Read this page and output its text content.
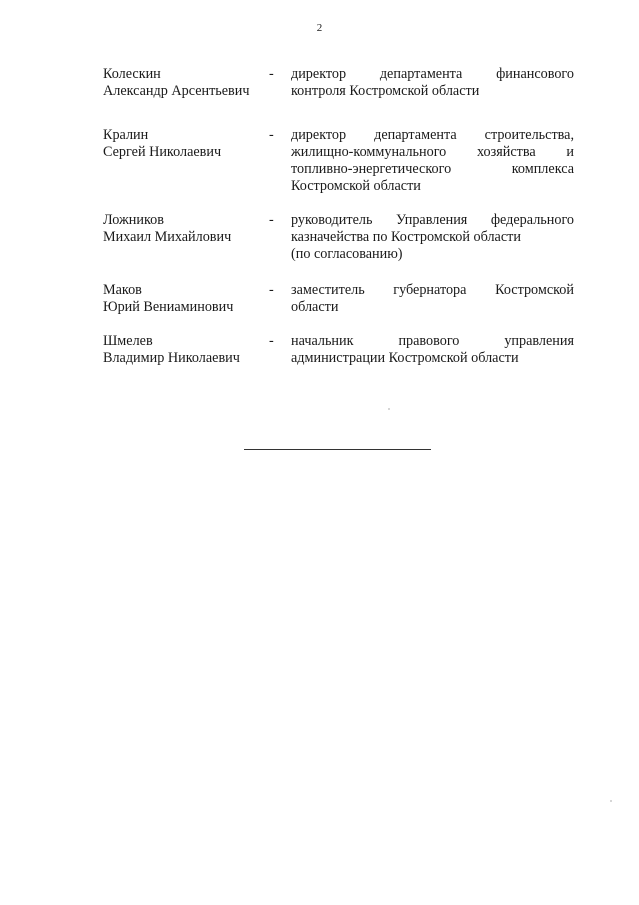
2
Колескин
Александр Арсентьевич
-	директор департамента финансового
контроля Костромской области
Кралин
Сергей Николаевич
-	директор департамента строительства,
жилищно-коммунального хозяйства и
топливно-энергетического комплекса
Костромской области
Ложников
Михаил Михайлович
-	руководитель Управления федерального
казначейства по Костромской области
(по согласованию)
Маков
Юрий Вениаминович
-	заместитель губернатора Костромской
области
Шмелев
Владимир Николаевич
-	начальник правового управления
администрации Костромской области
